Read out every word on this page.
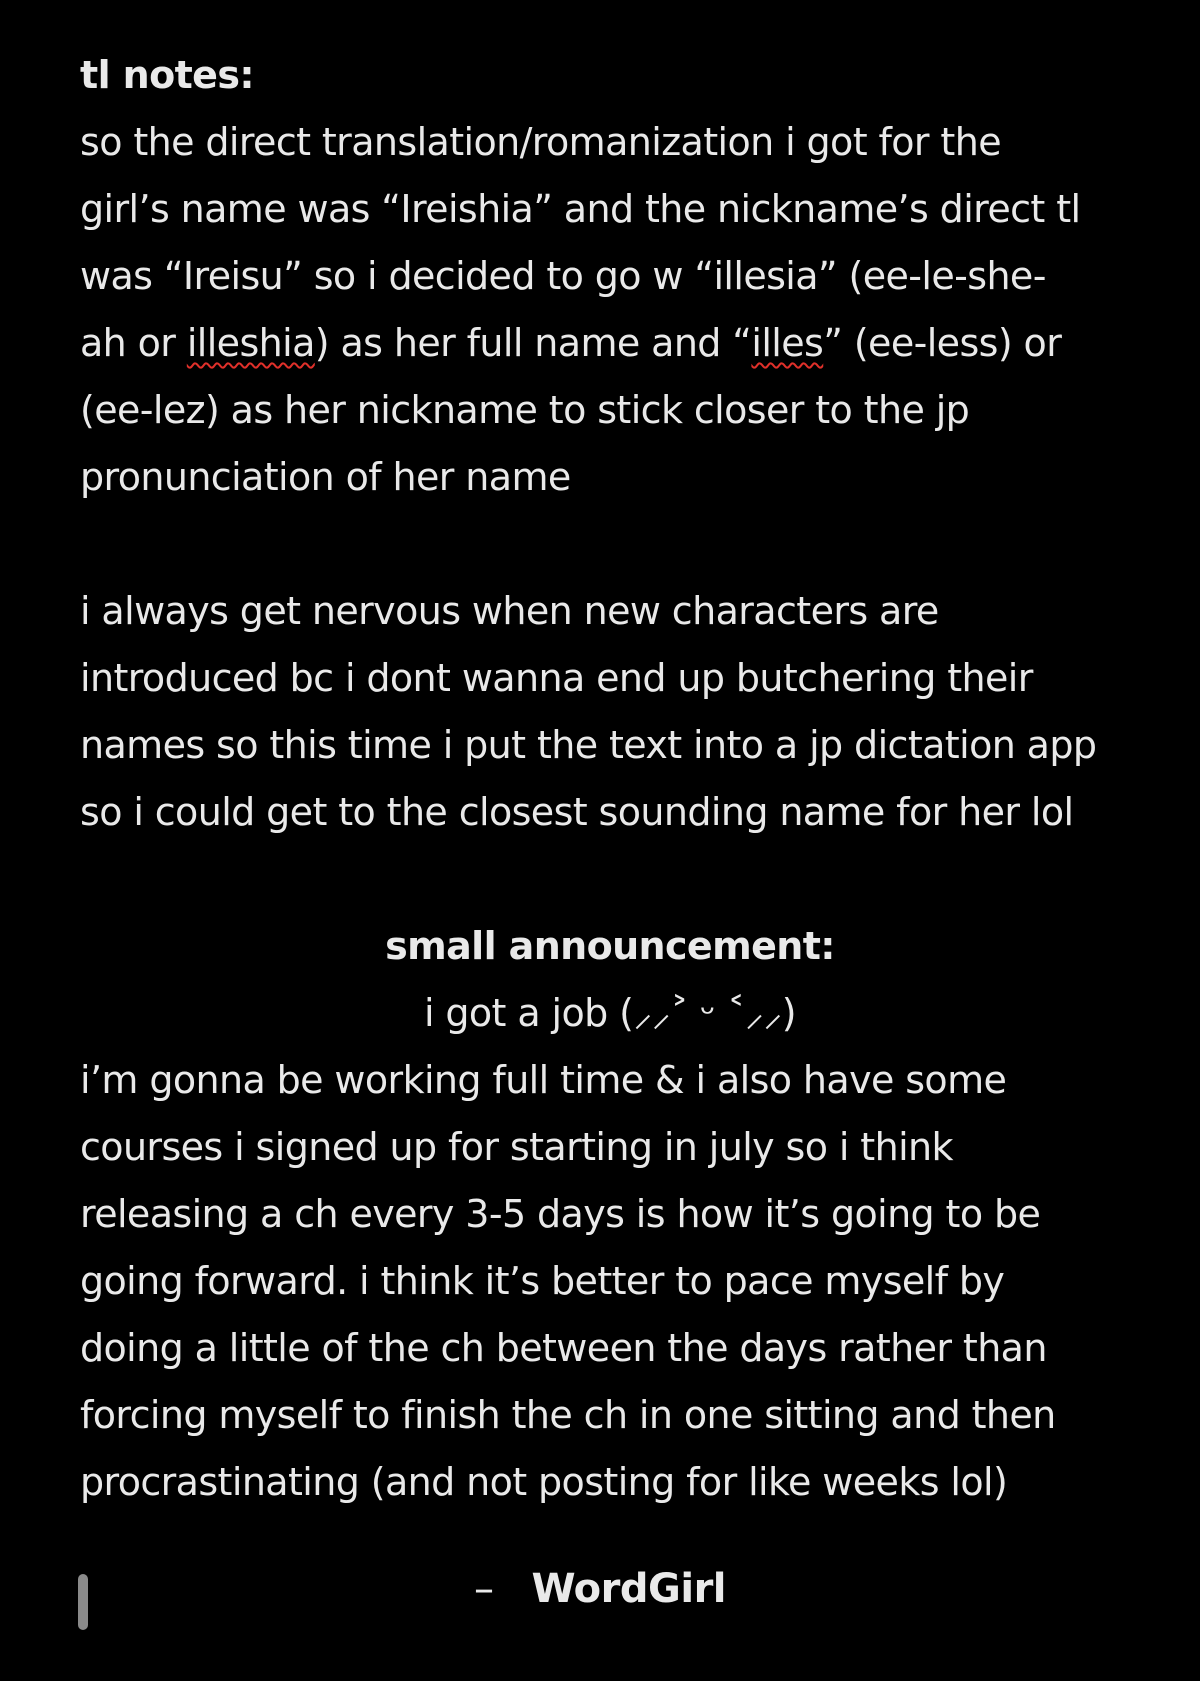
tl notes:
so the direct translation/romanization i got for the
girl’s name was “Ireishia” and the nickname’s direct tl
was “Ireisu” so i decided to go w “illesia” (ee-le-she-
ah or illeshia) as her full name and “illes” (ee-less) or
(ee-lez) as her nickname to stick closer to the jp
pronunciation of her name
i always get nervous when new characters are
introduced bc i dont wanna end up butchering their
names so this time i put the text into a jp dictation app
so i could get to the closest sounding name for her lol
small announcement:
i got a job (⸝⸝˃ ᵕ ˂⸝⸝)
i’m gonna be working full time & i also have some
courses i signed up for starting in july so i think
releasing a ch every 3-5 days is how it’s going to be
going forward. i think it’s better to pace myself by
doing a little of the ch between the days rather than
forcing myself to finish the ch in one sitting and then
procrastinating (and not posting for like weeks lol)
– WordGirl
